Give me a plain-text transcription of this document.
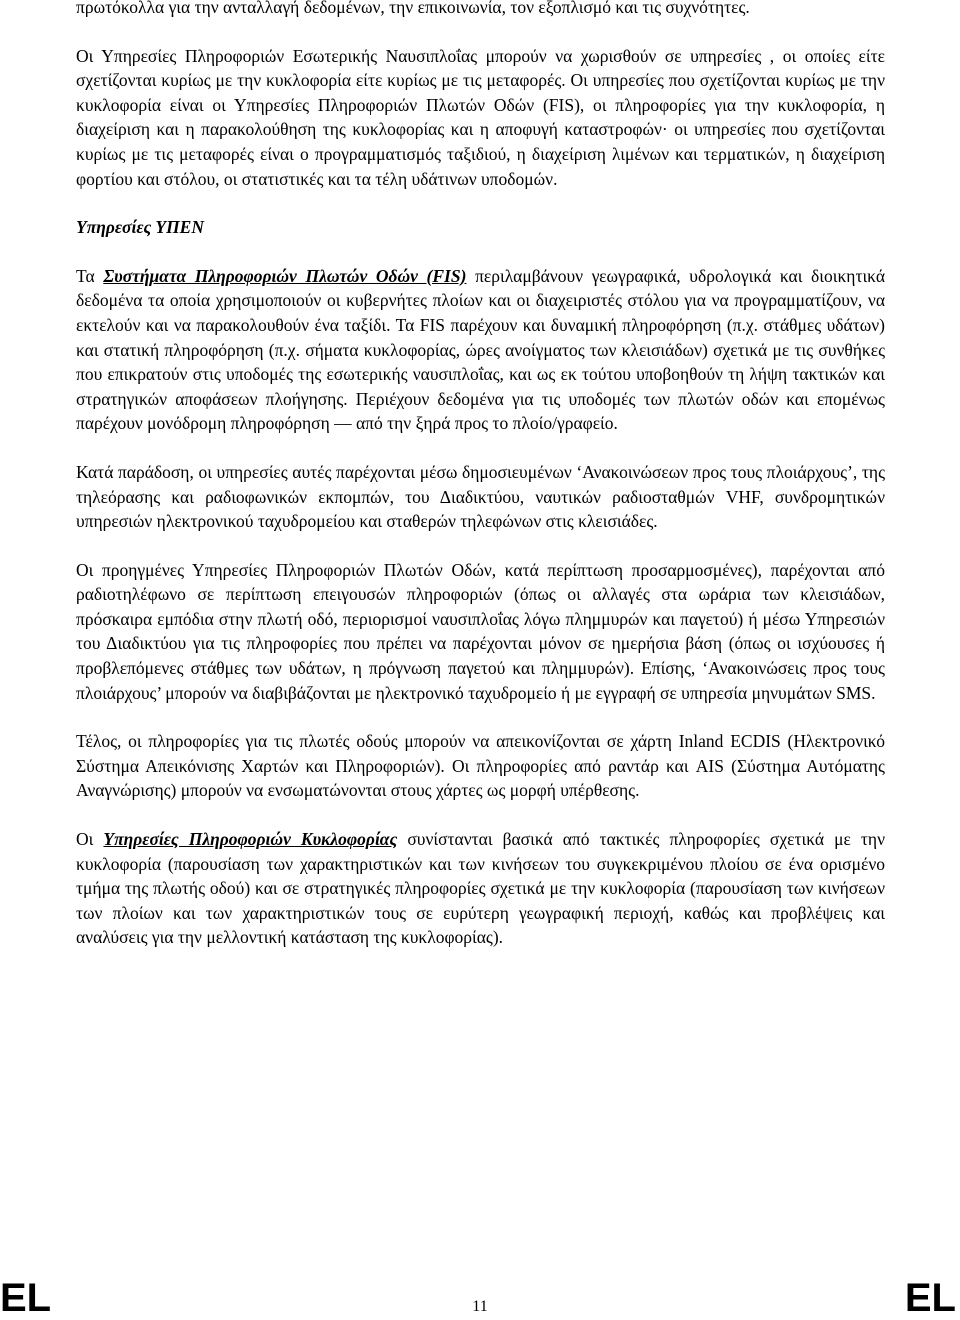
πρωτόκολλα για την ανταλλαγή δεδομένων, την επικοινωνία, τον εξοπλισμό και τις συχνότητες.

Οι Υπηρεσίες Πληροφοριών Εσωτερικής Ναυσιπλοΐας μπορούν να χωρισθούν σε υπηρεσίες , οι οποίες είτε σχετίζονται κυρίως με την κυκλοφορία είτε κυρίως με τις μεταφορές. Οι υπηρεσίες που σχετίζονται κυρίως με την κυκλοφορία είναι οι Υπηρεσίες Πληροφοριών Πλωτών Οδών (FIS), οι πληροφορίες για την κυκλοφορία, η διαχείριση και η παρακολούθηση της κυκλοφορίας και η αποφυγή καταστροφών· οι υπηρεσίες που σχετίζονται κυρίως με τις μεταφορές είναι ο προγραμματισμός ταξιδιού, η διαχείριση λιμένων και τερματικών, η διαχείριση φορτίου και στόλου, οι στατιστικές και τα τέλη υδάτινων υποδομών.

Υπηρεσίες ΥΠΕΝ

Τα Συστήματα Πληροφοριών Πλωτών Οδών (FIS) περιλαμβάνουν γεωγραφικά, υδρολογικά και διοικητικά δεδομένα τα οποία χρησιμοποιούν οι κυβερνήτες πλοίων και οι διαχειριστές στόλου για να προγραμματίζουν, να εκτελούν και να παρακολουθούν ένα ταξίδι. Τα FIS παρέχουν και δυναμική πληροφόρηση (π.χ. στάθμες υδάτων) και στατική πληροφόρηση (π.χ. σήματα κυκλοφορίας, ώρες ανοίγματος των κλεισιάδων) σχετικά με τις συνθήκες που επικρατούν στις υποδομές της εσωτερικής ναυσιπλοΐας, και ως εκ τούτου υποβοηθούν τη λήψη τακτικών και στρατηγικών αποφάσεων πλοήγησης. Περιέχουν δεδομένα για τις υποδομές των πλωτών οδών και επομένως παρέχουν μονόδρομη πληροφόρηση — από την ξηρά προς το πλοίο/γραφείο.

Κατά παράδοση, οι υπηρεσίες αυτές παρέχονται μέσω δημοσιευμένων ‘Ανακοινώσεων προς τους πλοιάρχους’, της τηλεόρασης και ραδιοφωνικών εκπομπών, του Διαδικτύου, ναυτικών ραδιοσταθμών VHF, συνδρομητικών υπηρεσιών ηλεκτρονικού ταχυδρομείου και σταθερών τηλεφώνων στις κλεισιάδες.

Οι προηγμένες Υπηρεσίες Πληροφοριών Πλωτών Οδών, κατά περίπτωση προσαρμοσμένες), παρέχονται από ραδιοτηλέφωνο σε περίπτωση επειγουσών πληροφοριών (όπως οι αλλαγές στα ωράρια των κλεισιάδων, πρόσκαιρα εμπόδια στην πλωτή οδό, περιορισμοί ναυσιπλοΐας λόγω πλημμυρών και παγετού) ή μέσω Υπηρεσιών του Διαδικτύου για τις πληροφορίες που πρέπει να παρέχονται μόνον σε ημερήσια βάση (όπως οι ισχύουσες ή προβλεπόμενες στάθμες των υδάτων, η πρόγνωση παγετού και πλημμυρών). Επίσης, ‘Ανακοινώσεις προς τους πλοιάρχους’ μπορούν να διαβιβάζονται με ηλεκτρονικό ταχυδρομείο ή με εγγραφή σε υπηρεσία μηνυμάτων SMS.

Τέλος, οι πληροφορίες για τις πλωτές οδούς μπορούν να απεικονίζονται σε χάρτη Inland ECDIS (Ηλεκτρονικό Σύστημα Απεικόνισης Χαρτών και Πληροφοριών). Οι πληροφορίες από ραντάρ και AIS (Σύστημα Αυτόματης Αναγνώρισης) μπορούν να ενσωματώνονται στους χάρτες ως μορφή υπέρθεσης.

Οι Υπηρεσίες Πληροφοριών Κυκλοφορίας συνίστανται βασικά από τακτικές πληροφορίες σχετικά με την κυκλοφορία (παρουσίαση των χαρακτηριστικών και των κινήσεων του συγκεκριμένου πλοίου σε ένα ορισμένο τμήμα της πλωτής οδού) και σε στρατηγικές πληροφορίες σχετικά με την κυκλοφορία (παρουσίαση των κινήσεων των πλοίων και των χαρακτηριστικών τους σε ευρύτερη γεωγραφική περιοχή, καθώς και προβλέψεις και αναλύσεις για την μελλοντική κατάσταση της κυκλοφορίας).

EL	11	EL
